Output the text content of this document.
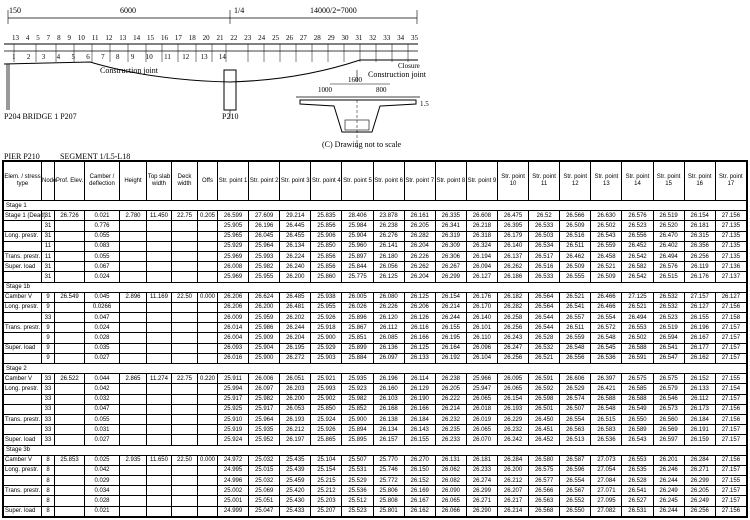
150	6000	1/4	14000/2=7000
13 4 5 7 8 9 10 11 12 13 14 15 16 17 18 20 21 22 23 24 25 26 27 28 29 30 31 32 33 34 35
1 2 3 4 5 6 7 8 9 10 11 12 13 14
Construction joint	Construction joint
Closure
P204 BRIDGE 1 P207	P210
1000	800
1600
1.5
(C) Drawing not to scale
PIER P210	SEGMENT 1/L5-L18
Elem. / stress type	Node	Prof. Elev.	Camber / deflection	Height	Top slab width	Deck width	Offs	Str. point 1	Str. point 2	Str. point 3	Str. point 4	Str. point 5	Str. point 6	Str. point 7	Str. point 8	Str. point 9	Str. point 10	Str. point 11	Str. point 12	Str. point 13	Str. point 14	Str. point 15	Str. point 16	Str. point 17
Stage 1																								
Stage 1 (Dead)	31	26.726	0.021	2.780	11.450	22.75	0.205	26.599	27.609	29.214	25.835	28.406	23.878	26.161	26.335	26.608	26.475	26.52	26.566	26.630	26.576	26.519	26.154	27.156
	31		0.776					25.905	26.196	26.445	25.856	25.984	26.238	26.205	26.341	26.218	26.395	26.533	26.509	26.502	26.523	26.520	26.181	27.135
Long. prestr.	31		0.055					25.965	26.045	26.455	25.906	25.904	26.276	26.282	26.319	26.318	26.179	26.503	26.516	26.543	26.556	26.470	26.315	27.135
	11		0.083					25.929	25.964	26.134	25.850	25.960	26.141	26.204	26.309	26.324	26.140	26.534	26.511	26.559	26.452	26.402	26.356	27.135
Trans. prestr.	11		0.055					25.969	25.993	26.224	25.856	25.897	26.180	26.226	26.306	26.194	26.137	26.517	26.462	26.458	26.542	26.494	26.256	27.135
Super. load	31		0.067					26.008	25.982	26.240	25.856	25.844	26.056	26.262	26.267	26.094	26.262	26.516	26.509	26.521	26.582	26.576	26.119	27.136
	31		0.024					25.969	25.955	26.200	25.860	25.775	26.125	26.204	26.299	26.127	26.186	26.533	26.555	26.509	26.542	26.515	26.176	27.137
Stage 1b																								
Camber V	9	26.549	0.045	2.896	11.169	22.50	0.000	26.206	26.624	26.485	25.938	26.005	26.080	26.125	26.154	26.176	26.182	26.564	26.521	26.466	27.125	26.532	27.157	26.127
Long. prestr.	9		0.0266					26.206	26.200	26.481	25.955	26.026	26.226	26.206	26.214	26.170	26.282	26.564	26.541	26.466	26.521	26.532	26.127	27.156
	33		0.047					26.009	25.959	26.202	25.926	25.896	26.120	26.126	26.244	26.140	26.258	26.544	26.557	26.554	26.494	26.523	26.155	27.158
Trans. prestr.	9		0.024					26.014	25.986	26.244	25.918	25.867	26.112	26.116	26.155	26.101	26.256	26.544	26.511	26.572	26.553	26.519	26.196	27.157
	9		0.028					26.004	25.909	26.204	25.900	25.851	26.085	26.166	26.195	26.110	26.243	26.528	26.559	26.548	26.502	26.594	26.167	27.157
Super. load	9		0.035					26.093	25.904	26.195	25.929	25.899	26.136	26.125	26.164	26.096	26.247	26.532	26.548	26.545	26.588	26.541	26.177	27.157
	9		0.027					26.016	25.900	26.272	25.903	25.884	26.097	26.133	26.192	26.104	26.256	26.521	26.556	26.536	26.591	26.547	26.162	27.157
Stage 2																								
Camber V	33	26.522	0.044	2.865	11.274	22.75	0.220	25.911	26.006	26.051	25.921	25.935	26.196	26.114	26.238	25.966	26.095	26.591	26.606	26.397	26.575	26.575	26.152	27.155
Long. prestr.	33		0.042					25.994	26.097	26.203	25.993	25.923	26.160	26.129	26.205	25.947	26.065	26.592	26.529	26.421	26.585	26.579	26.133	27.154
	33		0.032					25.917	25.982	26.200	25.902	25.982	26.103	26.190	26.222	26.065	26.154	26.598	26.574	26.588	26.588	26.546	26.112	27.157
	33		0.047					25.925	25.917	26.053	25.850	25.852	26.168	26.166	26.214	26.018	26.193	26.501	26.507	26.548	26.549	26.573	26.173	27.156
Trans. prestr.	33		0.055					25.910	25.964	26.193	25.924	25.900	26.138	26.184	26.232	26.019	26.229	26.450	26.554	26.515	26.550	26.560	26.184	27.156
	33		0.031					25.919	25.935	26.212	25.926	25.894	26.134	26.143	26.235	26.065	26.232	26.451	26.563	26.583	26.589	26.569	26.191	27.157
Super. load	33		0.027					25.924	25.952	26.197	25.865	25.895	26.157	26.155	26.233	26.070	26.242	26.452	26.513	26.536	26.543	26.597	26.159	27.157
Stage 3b																								
Camber V	8	25.853	0.025	2.935	11.650	22.50	0.000	24.972	25.032	25.435	25.104	25.507	25.770	26.270	26.131	26.181	26.284	26.580	26.587	27.073	26.553	26.201	26.284	27.156
Long. prestr.	8		0.042					24.995	25.015	25.439	25.154	25.531	25.746	26.150	26.062	26.233	26.200	26.575	26.596	27.054	26.535	26.246	26.271	27.157
	8		0.029					24.996	25.032	25.459	25.215	25.529	25.772	26.152	26.082	26.274	26.212	26.577	26.554	27.084	26.528	26.244	26.299	27.155
Trans. prestr.	8		0.034					25.002	25.069	25.420	25.212	25.536	25.806	26.169	26.090	26.299	26.207	26.566	26.567	27.071	26.541	26.249	26.205	27.157
	8		0.028					25.001	25.051	25.430	25.203	25.512	25.808	26.167	26.065	26.271	26.217	26.563	26.552	27.095	26.527	26.245	26.249	27.157
Super. load	8		0.021					24.999	25.047	25.433	25.207	25.523	25.801	26.162	26.066	26.290	26.214	26.568	26.550	27.082	26.531	26.244	26.256	27.156
